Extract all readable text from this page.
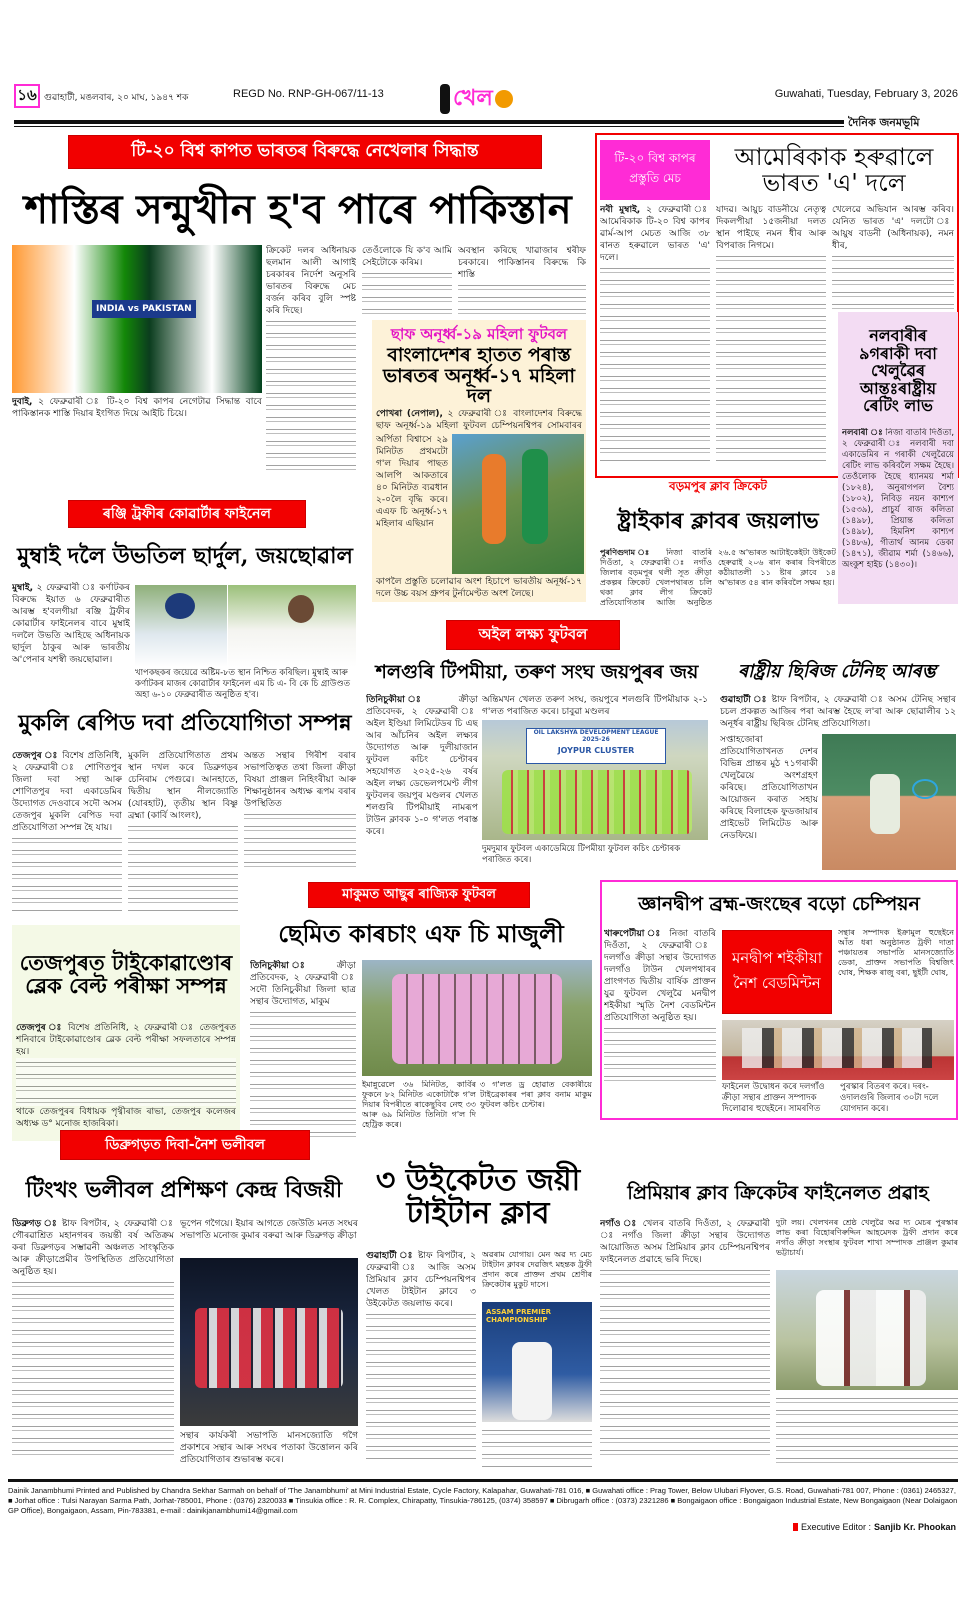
১৬ গুৱাহাটী, মঙলবাৰ, ২০ মাঘ, ১৯৪৭ শক	REGD No. RNP-GH-067/11-13	খেল	Guwahati, Tuesday, February 3, 2026
দৈনিক জনমভূমি
টি-২০ বিশ্ব কাপত ভাৰতৰ বিৰুদ্ধে নেখেলাৰ সিদ্ধান্ত
শাস্তিৰ সন্মুখীন হ'ব পাৰে পাকিস্তান
INDIA vs PAKISTAN
দুবাই, ২ ফেব্ৰুৱাৰী ঃ টি-২০ বিশ্ব কাপৰ নেগেটাৱ সিদ্ধান্ত বাবে পাকিস্তানক শাস্তি দিয়াৰ ইংগিত দিয়ে আইচি চিয়ে।
ক্ৰিকেট দলৰ অধিনায়ক ছলমান আলী আগাই চৰকাৰৰ নিৰ্দেশ অনুসৰি ভাৰতৰ বিৰুদ্ধে মেচ বৰ্জন কৰিব বুলি স্পষ্ট কৰি দিছে।
তেওঁলোকে যি ক'ব আমি সেইটোকে কৰিম।
অবস্থান কৰিছে খাৱাজাৰ শ্বৰীফ চৰকাৰে। পাকিস্তানৰ বিৰুদ্ধে কি শাস্তি
ছাফ অনূৰ্ধ্ব-১৯ মহিলা ফুটবল
বাংলাদেশৰ হাতত পৰাস্ত ভাৰতৰ অনূৰ্ধ্ব-১৭ মহিলা দল
পোখৰা (নেপাল), ২ ফেব্ৰুৱাৰী ঃ বাংলাদেশৰ বিৰুদ্ধে ছাফ অনূৰ্ধ্ব-১৯ মহিলা ফুটবল চেম্পিয়নশ্বিপৰ সোমবাৰৰ
অৰ্পিতা বিশ্বাসে ২৯ মিনিটত প্ৰথমটো গ'ল দিয়াৰ পাছত আলপি আকতাৰে ৪০ মিনিটত ব্যৱধান ২-০লৈ বৃদ্ধি কৰে। এএফ চি অনূৰ্ধ্ব-১৭ মহিলাৰ এছিয়ান
কাপলৈ প্ৰস্তুতি চলোৱাৰ অংশ হিচাপে ভাৰতীয় অনূৰ্ধ্ব-১৭ দলে উচ্চ বয়স গ্ৰুপৰ টুৰ্নামেণ্টত অংশ লৈছে।
টি-২০ বিশ্ব কাপৰ প্ৰস্তুতি মেচ
আমেৰিকাক হৰুৱালে ভাৰত 'এ' দলে
নবী মুম্বাই, ২ ফেব্ৰুৱাৰী ঃ আমেৰিকাক টি-২০ বিশ্ব কাপৰ ৱাৰ্ম-আপ মেচত আজি ৩৮ ৰানত হৰুৱালে ভাৰত 'এ' দলে।
যাদৱ। আয়ুচ বাডনীয়ে নেতৃত্ব দিকলপীয়া ১৫জনীয়া দলত স্থান পাইছে নমন ধীৰ আৰু বিপৰাজ নিগমে।
খেলেৱে অভিযান আৰম্ভ কৰিব। যেনিত ভাৰত 'এ' দলটো ঃ আয়ুষ বাডনী (অধিনায়ক), নমন ধীৰ,
নলবাৰীৰ ৯গৰাকী দবা খেলুৱৈৰ আন্তঃৰাষ্ট্ৰীয় ৰেটিং লাভ
নলবাৰী ঃ নিজা বাতৰি দিওঁতা, ২ ফেব্ৰুৱাৰী ঃ নলবাৰী দবা একাডেমিৰ ন গৰাকী খেলুৱৈয়ে ৰেটিং লাভ কৰিবলৈ সক্ষম হৈছে। তেওঁলোক হৈছে ধ্যানময় শৰ্মা (১৮২৪), অনুৰাগপল বৈশ্য (১৮০২), নিবিড় নয়ন কাশ্যপ (১৫৩৯), প্ৰাচুৰ্য ৰাজ কলিতা (১৪৯৮), প্ৰিয়ান্ত কলিতা (১৪৯৮), হিমনিশ কাশ্যপ (১৪৮৬), গীতাৰ্থ আনম ডেকা (১৪৭১), জীৱাম শৰ্মা (১৪৬৬), অংকুশ হাইচ (১৪৩০)।
ৰঞ্জি ট্ৰফীৰ কোৱাৰ্টাৰ ফাইনেল
মুম্বাই দলৈ উভতিল ছাৰ্দুল, জয়ছোৱাল
মুম্বাই, ২ ফেব্ৰুৱাৰী ঃ কৰ্ণাটকৰ বিৰুদ্ধে ইয়াত ৬ ফেব্ৰুৱাৰীত আৰম্ভ হ'বলগীয়া ৰঞ্জি ট্ৰফীৰ কোৱাৰ্টাৰ ফাইনেলৰ বাবে মুম্বাই দললৈ উভতি আহিছে অধিনায়ক ছাৰ্দুল ঠাকুৰ আৰু ভাৰতীয় অ'পেনাৰ যশস্বী জয়ছোৱাল।
খাপকছকৰ জয়েৱে অষ্টিম-৮ত স্থান নিশ্চিত কৰিছিল। মুম্বাই আৰু কৰ্ণাটকৰ মাজৰ কোৱাৰ্টাৰ ফাইনেল এম চি এ- বি কে চি গ্ৰাউণ্ডত অহা ৬-১০ ফেব্ৰুৱাৰীত অনুষ্ঠিত হ'ব।
বড়মপুৰ ক্লাব ক্ৰিকেট
ষ্ট্ৰাইকাৰ ক্লাবৰ জয়লাভ
পুৰণিগুদাম ঃ নিজা বাতৰি দিওঁতা, ২ ফেব্ৰুৱাৰী ঃ নগাঁও জিলাৰ বড়মপুৰ থলী সূত ক্ৰীড়া প্ৰকল্পৰ ক্ৰিকেট খেলপথাৰত চলি থকা ক্লাব লীগ ক্ৰিকেট প্ৰতিযোগিতাৰ আজি অনুষ্ঠিত
২৬.৫ অ'ভাৰত আটাইকেইটা উইকেট হেৰুৱাই ২০৬ ৰান কৰাৰ বিপৰীতে কঠীয়াতলী ১১ ষ্টাৰ ক্লাবে ১৪ অ'ভাৰত ৫৪ ৰান কৰিবলৈ সক্ষম হয়।
মুকলি ৰেপিড দবা প্ৰতিযোগিতা সম্পন্ন
তেজপুৰ ঃ বিশেষ প্ৰতিনিধি, ২ ফেব্ৰুৱাৰী ঃ শোণিতপুৰ জিলা দবা সন্থা আৰু শোণিতপুৰ দবা একাডেমিৰ উদ্যোগত দেওবাৰে সদৌ অসম তেজপুৰ মুকলি ৰেপিড দবা প্ৰতিযোগিতা সম্পন্ন হৈ যায়।
মুকলি প্ৰতিযোগিতাত প্ৰথম স্থান দখল কৰে ডিব্ৰুগড়ৰ চেনিৰাম পেগুৱে। আনহাতে, দ্বিতীয় স্থান নীলজ্যোতি (যোৰহাট), তৃতীয় স্থান বিষ্ণু ব্ৰহ্মা (কাৰ্বি আংলং),
অন্তত সন্থাৰ গিৰীশ বৰাৰ সভাপতিত্বত তথা জিলা ক্ৰীড়া বিষয়া প্ৰাঞ্জল নিহিংৰীয়া আৰু শিক্ষানুষ্ঠানৰ অধ্যক্ষ ৰূপম বৰাৰ উপস্থিতিত
অইল লক্ষ্য ফুটবল
শলগুৰি টিপমীয়া, তৰুণ সংঘ জয়পুৰৰ জয়
তিনিচুকীয়া ঃ ক্ৰীড়া প্ৰতিবেদক, ২ ফেব্ৰুৱাৰী ঃ অইল ইণ্ডিয়া লিমিটেডৰ চি এছ আৰ আঁচনিৰ অইল লক্ষ্যৰ উদ্যোগত আৰু দুলীয়াজান ফুটবল কচিং চেণ্টাৰৰ সহযোগত ২০২৫-২৬ বৰ্ষৰ অইল লক্ষ্য ডেভেলপমেণ্ট লীগ ফুটবলৰ জয়পুৰ মণ্ডলৰ খেলত শলগুৰি টিপমীয়াই নামৰূপ টাউন ক্লাবক ১-০ গ'লত পৰাস্ত কৰে।
অন্তিমখন খেলত তৰুণ সংঘ, জয়পুৰে শলগুৰি টিপমীয়াক ২-১ গ'লত পৰাজিত কৰে। চাবুৱা মণ্ডলৰ
OIL LAKSHYA DEVELOPMENT LEAGUE 2025-26
JOYPUR CLUSTER
দুমদুমাৰ ফুটবল একাডেমিয়ে টিপমীয়া ফুটবল কচিং চেণ্টাৰক পৰাজিত কৰে।
ৰাষ্ট্ৰীয় ছিৰিজ টেনিছ আৰম্ভ
গুৱাহাটী ঃ ষ্টাফ ৰিপৰ্টাৰ, ২ ফেব্ৰুৱাৰী ঃ অসম টেনিছ সন্থাৰ চচল প্ৰকল্পত আজিৰ পৰা আৰম্ভ হৈছে ল'ৰা আৰু ছোৱালীৰ ১২ অনূৰ্ধৰ ৰাষ্ট্ৰীয় ছিৰিজ টেনিছ প্ৰতিযোগিতা।
সপ্তাহজোৰা প্ৰতিযোগিতাখনত দেশৰ বিভিন্ন প্ৰান্তৰ মুঠ ৭১গৰাকী খেলুৱৈয়ে অংশগ্ৰহণ কৰিছে। প্ৰতিযোগিতাখন আয়োজন কৰাত সহায় কৰিছে বিলাহেক ফুডজায়াৰ প্ৰাইভেট লিমিটেড আৰু নেডফিয়ে।
তেজপুৰত টাইকোৱাণ্ডোৰ ব্লেক বেল্ট পৰীক্ষা সম্পন্ন
তেজপুৰ ঃ বিশেষ প্ৰতিনিধি, ২ ফেব্ৰুৱাৰী ঃ তেজপুৰত শনিবাৰে টাইকোৱাণ্ডোৰ ব্লেক বেল্ট পৰীক্ষা সফলতাৰে সম্পন্ন হয়।
থাকে তেজপুৰৰ বিধায়ক পৃথ্বীৰাজ ৰাভা, তেজপুৰ কলেজৰ অধ্যক্ষ ড° মনোজ হাজৰিকা।
মাকুমত আছুৰ ৰাজ্যিক ফুটবল
ছেমিত কাৰচাং এফ চি মাজুলী
তিনিচুকীয়া ঃ ক্ৰীড়া প্ৰতিবেদক, ২ ফেব্ৰুৱাৰী ঃ সদৌ তিনিচুকীয়া জিলা ছাত্ৰ সন্থাৰ উদ্যোগত, মাকুম
ইমান্নুৱেলে ৩৬ মিনিটত, কাৰ্বিৰ ফুকনে ৮২ মিনিটত একোটাকৈ গ'ল দিয়াৰ বিপৰীতে ৰাকেছুবিব নেহু ৩৩ আৰু ৬৯ মিনিটত তিনিটা গ'ল দি হেট্ৰিক কৰে।
৩ গ'লত ড্ৰ হোৱাত বেকাৰীয়ে টাইব্ৰেকাৰৰ পৰা ক্লাব বনাম মাকুম ফুটবল কচিং চেন্টাৰ।
জ্ঞানদ্বীপ ব্ৰহ্ম-জংছেৰ বড়ো চেম্পিয়ন
খাৰুপেটীয়া ঃ নিজা বাতৰি দিওঁতা, ২ ফেব্ৰুৱাৰী ঃ দলগাঁও ক্ৰীড়া সন্থাৰ উদ্যোগত দলগাঁও টাউন খেলপথাৰৰ প্ৰাংগণত দ্বিতীয় বাৰ্ষিক প্ৰাক্তন যুৱ ফুটবল খেলুৱৈ মনদ্বীপ শইকীয়া স্মৃতি নৈশ বেডমিন্টন প্ৰতিযোগিতা অনুষ্ঠিত হয়।
মনদ্বীপ শইকীয়া নৈশ বেডমিন্টন
সন্থাৰ সম্পাদক ইক্ৰামুল হুছেইনে আঁত ধৰা অনুষ্ঠানত ট্ৰফী দাতা পঞ্চায়তৰ সভাপতি মানসজ্যোতি ডেকা, প্ৰাক্তন সভাপতি বিশ্বজিৎ ঘোষ, শিক্ষক ৰাজু বৰা, ছুইটী ঘোষ,
ফাইনেল উদ্বোধন কৰে দলগাঁও ক্ৰীড়া সন্থাৰ প্ৰাক্তন সম্পাদক দিলোৱাৰ হুছেইনে। সামৰণিত
পুৰস্কাৰ বিতৰণ কৰে। দৰং-ওদালগুৰি জিলাৰ ৩০টা দলে যোগদান কৰে।
ডিব্ৰুগড়ত দিবা-নৈশ ভলীবল
টিংখং ভলীবল প্ৰশিক্ষণ কেন্দ্ৰ বিজয়ী
ডিব্ৰুগড় ঃ ষ্টাফ ৰিপৰ্টাৰ, ২ ফেব্ৰুৱাৰী ঃ গৌৰৱাশ্ৰিত মহানগৰৰ জয়ন্তী বৰ্ষ অতিক্ৰম কৰা ডিব্ৰুগড়ৰ সম্ভাৱনী অঞ্চলত সাংস্কৃতিক আৰু ক্ৰীড়াপ্ৰেমীৰ উপস্থিতিত প্ৰতিযোগিতা অনুষ্ঠিত হয়।
ভূপেন গগৈয়ে। ইয়াৰ আগতে জেউতি মনত সংঘৰ সভাপতি মনোজ কুমাৰ বৰুৱা আৰু ডিব্ৰুগড় ক্ৰীড়া
সন্থাৰ কাৰ্যকৰী সভাপতি মানসজ্যোতি গগৈ প্ৰকাশৰে সন্থাৰ আৰু সংঘৰ পতাকা উত্তোলন কৰি প্ৰতিযোগিতাৰ শুভাৰম্ভ কৰে।
৩ উইকেটত জয়ী টাইটান ক্লাব
গুৱাহাটী ঃ ষ্টাফ ৰিপৰ্টাৰ, ২ ফেব্ৰুৱাৰী ঃ আজি অসম প্ৰিমিয়াৰ ক্লাব চেম্পিয়নশ্বিপৰ খেলত টাইটান ক্লাবে ৩ উইকেটত জয়লাভ কৰে।
অৱৰাম যোগায়। মেন অৱ দ্য মেচ টাইটান ক্লাবৰ দেৱজিৎ মহন্তক ট্ৰফী প্ৰদান কৰে প্ৰাক্তন প্ৰথম শ্ৰেণীৰ ক্ৰিকেটাৰ মুকুট দাসে।
ASSAM PREMIER CHAMPIONSHIP
প্ৰিমিয়াৰ ক্লাব ক্ৰিকেটৰ ফাইনেলত প্ৰৱাহ
নগাঁও ঃ খেলৰ বাতৰি দিওঁতা, ২ ফেব্ৰুৱাৰী ঃ নগাঁও জিলা ক্ৰীড়া সন্থাৰ উদ্যোগত আয়োজিত অসম প্ৰিমিয়াৰ ক্লাব চেম্পিয়নশ্বিপৰ ফাইনেলত প্ৰৱাহে ভৰি দিছে।
দুটা লয়। খেলখনৰ শ্ৰেষ্ঠ খেলুৱৈ অৱ দ্য মেচৰ পুৰস্কাৰ লাভ কৰা বিহোৰণিৰুদ্দিন আহমেদক ট্ৰফী প্ৰদান কৰে নগাঁও ক্ৰীড়া সংস্থাৰ ফুটবল শাখা সম্পাদক প্ৰাঞ্জল কুমাৰ ভট্টাচাৰ্য।
Dainik Janambhumi Printed and Published by Chandra Sekhar Sarmah on behalf of 'The Janambhumi' at Mini Industrial Estate, Cycle Factory, Kalapahar, Guwahati-781 016, ■ Guwahati office : Prag Tower, Below Ulubari Flyover, G.S. Road, Guwahati-781 007, Phone : (0361) 2465327, ■ Jorhat office : Tulsi Narayan Sarma Path, Jorhat-785001, Phone : (0376) 2320033 ■ Tinsukia office : R. R. Complex, Chirapatty, Tinsukia-786125, (0374) 358597 ■ Dibrugarh office : (0373) 2321286 ■ Bongaigaon office : Bongaigaon Industrial Estate, New Bongaigaon (Near Dolaigaon GP Office), Bongaigaon, Assam, Pin-783381, e-mail : dainikjanambhumi14@gmail.com
Executive Editor : Sanjib Kr. Phookan
